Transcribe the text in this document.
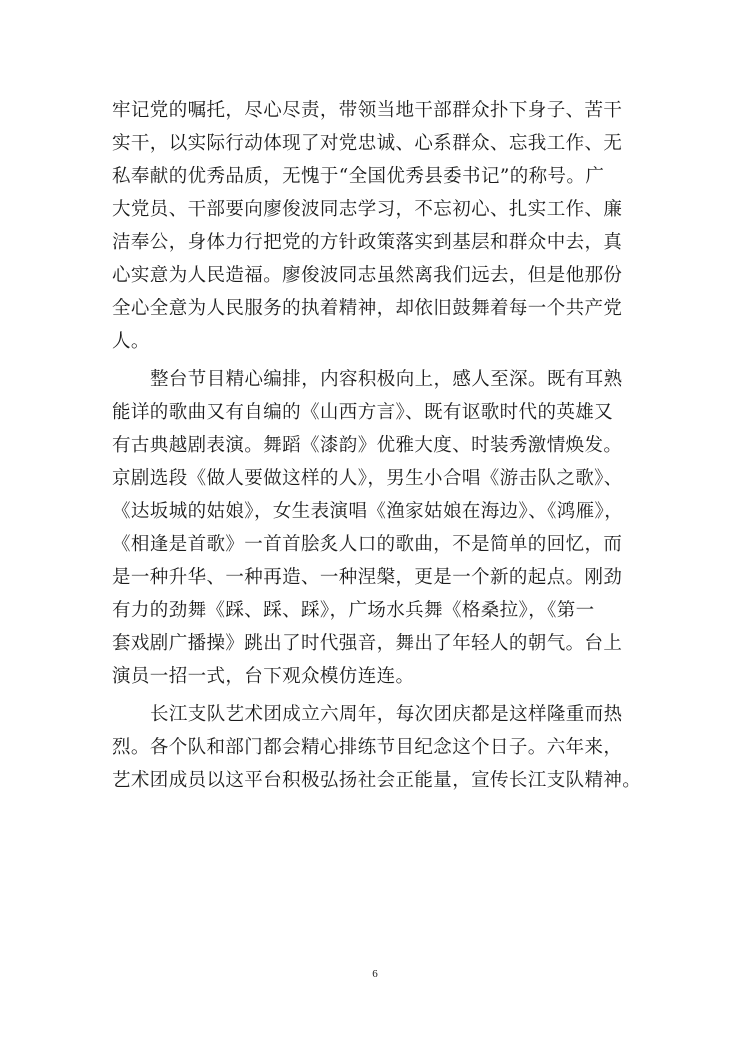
牢记党的嘱托，尽心尽责，带领当地干部群众扑下身子、苦干
实干，以实际行动体现了对党忠诚、心系群众、忘我工作、无
私奉献的优秀品质，无愧于“全国优秀县委书记”的称号。广
大党员、干部要向廖俊波同志学习，不忘初心、扎实工作、廉
洁奉公，身体力行把党的方针政策落实到基层和群众中去，真
心实意为人民造福。廖俊波同志虽然离我们远去，但是他那份
全心全意为人民服务的执着精神，却依旧鼓舞着每一个共产党
人。
整台节目精心编排，内容积极向上，感人至深。既有耳熟
能详的歌曲又有自编的《山西方言》、既有讴歌时代的英雄又
有古典越剧表演。舞蹈《漆韵》优雅大度、时装秀激情焕发。
京剧选段《做人要做这样的人》，男生小合唱《游击队之歌》、
《达坂城的姑娘》，女生表演唱《渔家姑娘在海边》、《鸿雁》，
《相逢是首歌》一首首脍炙人口的歌曲，不是简单的回忆，而
是一种升华、一种再造、一种涅槃，更是一个新的起点。刚劲
有力的劲舞《踩、踩、踩》，广场水兵舞《格桑拉》，《第一
套戏剧广播操》跳出了时代强音，舞出了年轻人的朝气。台上
演员一招一式，台下观众模仿连连。
长江支队艺术团成立六周年，每次团庆都是这样隆重而热
烈。各个队和部门都会精心排练节目纪念这个日子。六年来，
艺术团成员以这平台积极弘扬社会正能量，宣传长江支队精神。
6
